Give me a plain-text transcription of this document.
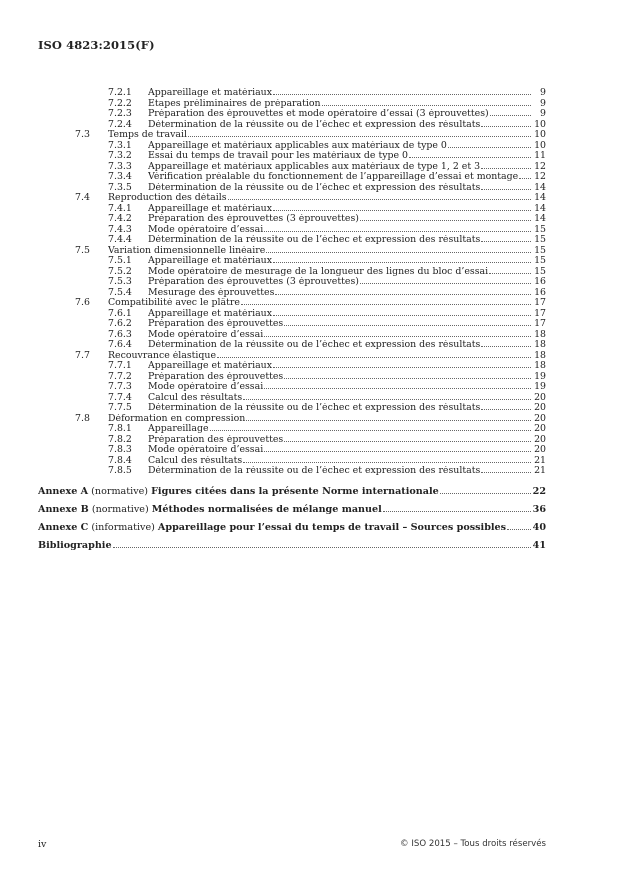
ISO 4823:2015(F)
7.2.1 Appareillage et matériaux	9
7.2.2 Étapes préliminaires de préparation	9
7.2.3 Préparation des éprouvettes et mode opératoire d’essai (3 éprouvettes)	9
7.2.4 Détermination de la réussite ou de l’échec et expression des résultats	10
7.3 Temps de travail	10
7.3.1 Appareillage et matériaux applicables aux matériaux de type 0	10
7.3.2 Essai du temps de travail pour les matériaux de type 0	11
7.3.3 Appareillage et matériaux applicables aux matériaux de type 1, 2 et 3	12
7.3.4 Vérification préalable du fonctionnement de l’appareillage d’essai et montage 12
7.3.5 Détermination de la réussite ou de l’échec et expression des résultats	14
7.4 Reproduction des détails	14
7.4.1 Appareillage et matériaux	14
7.4.2 Préparation des éprouvettes (3 éprouvettes)	14
7.4.3 Mode opératoire d’essai	15
7.4.4 Détermination de la réussite ou de l’échec et expression des résultats	15
7.5 Variation dimensionnelle linéaire	15
7.5.1 Appareillage et matériaux	15
7.5.2 Mode opératoire de mesurage de la longueur des lignes du bloc d’essai	15
7.5.3 Préparation des éprouvettes (3 éprouvettes)	16
7.5.4 Mesurage des éprouvettes	16
7.6 Compatibilité avec le plâtre	17
7.6.1 Appareillage et matériaux	17
7.6.2 Préparation des éprouvettes	17
7.6.3 Mode opératoire d’essai	18
7.6.4 Détermination de la réussite ou de l’échec et expression des résultats	18
7.7 Recouvrance élastique	18
7.7.1 Appareillage et matériaux	18
7.7.2 Préparation des éprouvettes	19
7.7.3 Mode opératoire d’essai	19
7.7.4 Calcul des résultats	20
7.7.5 Détermination de la réussite ou de l’échec et expression des résultats	20
7.8 Déformation en compression	20
7.8.1 Appareillage	20
7.8.2 Préparation des éprouvettes	20
7.8.3 Mode opératoire d’essai	20
7.8.4 Calcul des résultats	21
7.8.5 Détermination de la réussite ou de l’échec et expression des résultats	21
Annexe A (normative) Figures citées dans la présente Norme internationale	22
Annexe B (normative) Méthodes normalisées de mélange manuel	36
Annexe C (informative) Appareillage pour l’essai du temps de travail – Sources possibles	40
Bibliographie	41
iv	© ISO 2015 – Tous droits réservés
